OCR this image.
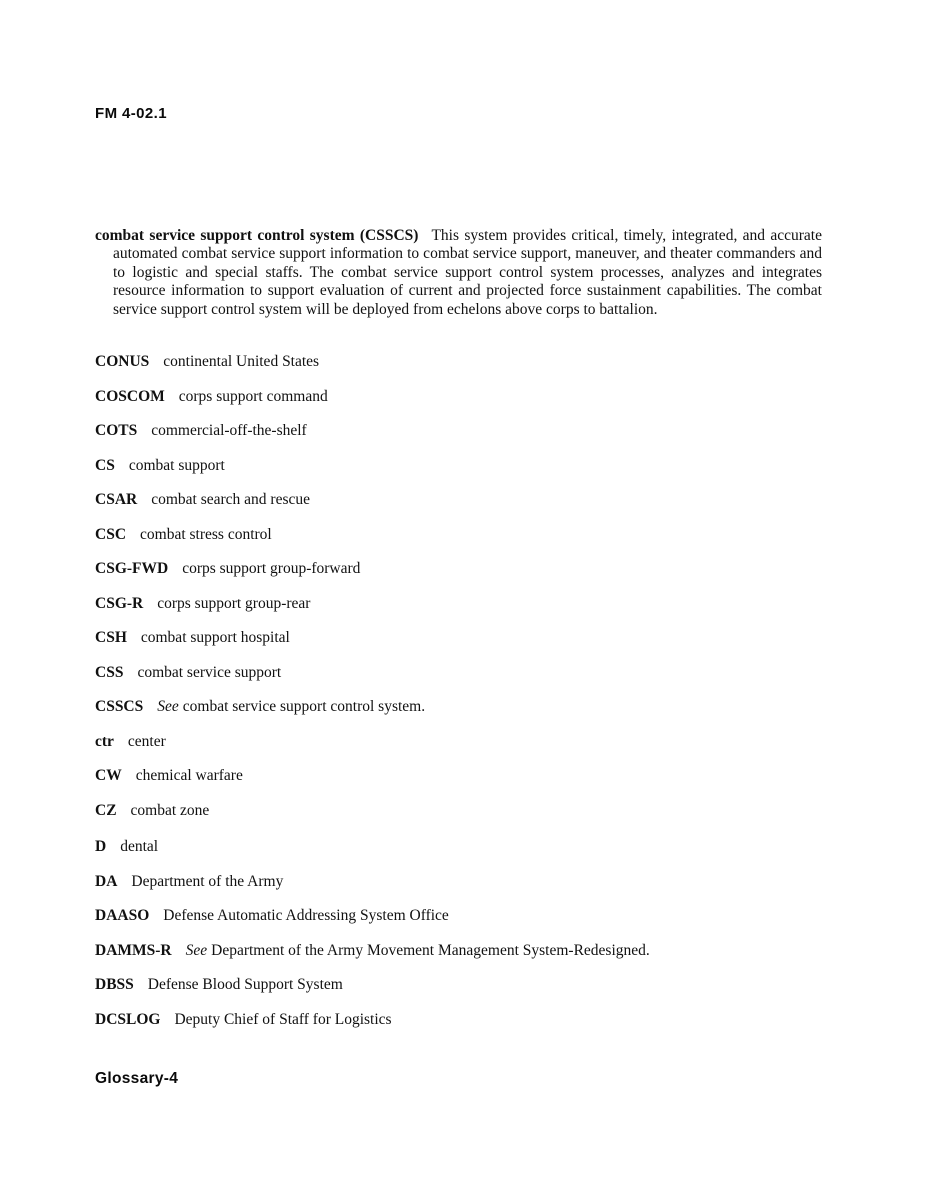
FM 4-02.1

combat service support control system (CSSCS) This system provides critical, timely, integrated, and accurate automated combat service support information to combat service support, maneuver, and theater commanders and to logistic and special staffs. The combat service support control system processes, analyzes and integrates resource information to support evaluation of current and projected force sustainment capabilities. The combat service support control system will be deployed from echelons above corps to battalion.

CONUS continental United States
COSCOM corps support command
COTS commercial-off-the-shelf
CS combat support
CSAR combat search and rescue
CSC combat stress control
CSG-FWD corps support group-forward
CSG-R corps support group-rear
CSH combat support hospital
CSS combat service support
CSSCS See combat service support control system.
ctr center
CW chemical warfare
CZ combat zone
D dental
DA Department of the Army
DAASO Defense Automatic Addressing System Office
DAMMS-R See Department of the Army Movement Management System-Redesigned.
DBSS Defense Blood Support System
DCSLOG Deputy Chief of Staff for Logistics
Glossary-4
